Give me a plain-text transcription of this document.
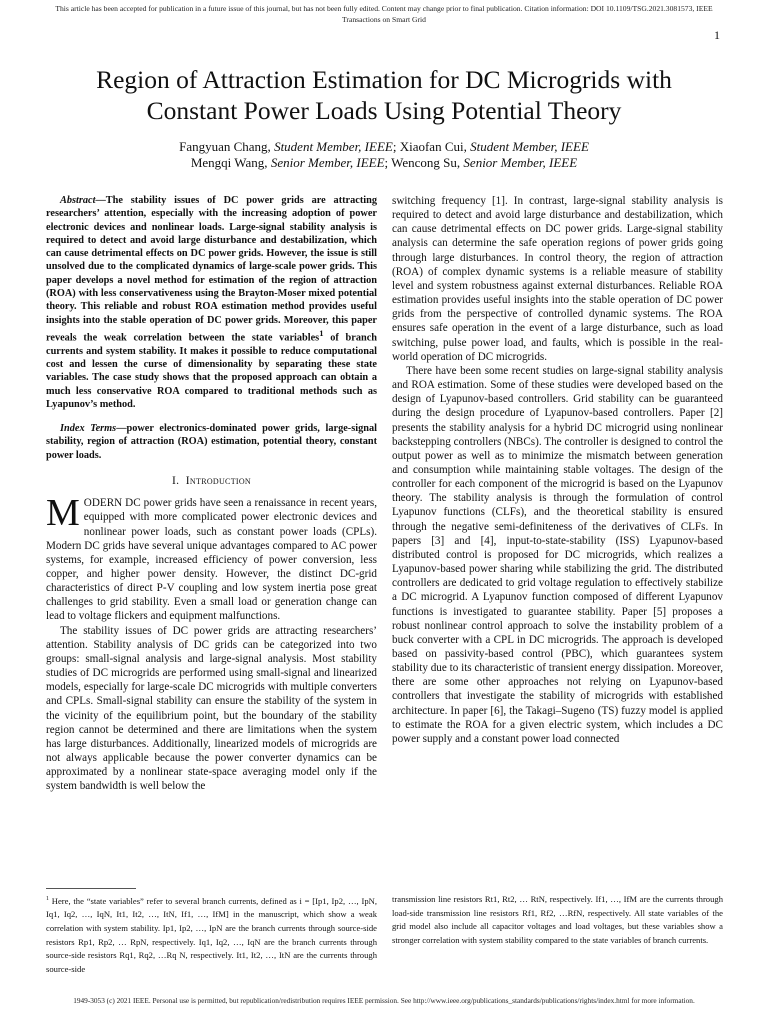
This article has been accepted for publication in a future issue of this journal, but has not been fully edited. Content may change prior to final publication. Citation information: DOI 10.1109/TSG.2021.3081573, IEEE
Transactions on Smart Grid
1
Region of Attraction Estimation for DC Microgrids with
Constant Power Loads Using Potential Theory
Fangyuan Chang, Student Member, IEEE; Xiaofan Cui, Student Member, IEEE
Mengqi Wang, Senior Member, IEEE; Wencong Su, Senior Member, IEEE

Abstract—The stability issues of DC power grids are attracting researchers’ attention, especially with the increasing adoption of power electronic devices and nonlinear loads. Large-signal stability analysis is required to detect and avoid large disturbance and destabilization, which can cause detrimental effects on DC power grids. However, the issue is still unsolved due to the complicated dynamics of large-scale power grids. This paper develops a novel method for estimation of the region of attraction (ROA) with less conservativeness using the Brayton-Moser mixed potential theory. This reliable and robust ROA estimation method provides useful insights into the stable operation of DC power grids. Moreover, this paper reveals the weak correlation between the state variables$^1$ of branch currents and system stability. It makes it possible to reduce computational cost and lessen the curse of dimensionality by separating these state variables. The case study shows that the proposed approach can obtain a much less conservative ROA compared to traditional methods such as Lyapunov’s method.

Index Terms—power electronics-dominated power grids, large-signal stability, region of attraction (ROA) estimation, potential theory, constant power loads.

I. Introduction

MODERN DC power grids have seen a renaissance in recent years, equipped with more complicated power electronic devices and nonlinear power loads, such as constant power loads (CPLs). Modern DC grids have several unique advantages compared to AC power systems, for example, increased efficiency of power conversion, less copper, and higher power density. However, the distinct DC-grid characteristics of direct P-V coupling and low system inertia pose great challenges to grid stability. Even a small load or generation change can lead to voltage flickers and equipment malfunctions.

The stability issues of DC power grids are attracting researchers’ attention. Stability analysis of DC grids can be categorized into two groups: small-signal analysis and large-signal analysis. Most stability studies of DC microgrids are performed using small-signal and linearized models, especially for large-scale DC microgrids with multiple converters and CPLs. Small-signal stability can ensure the stability of the system in the vicinity of the equilibrium point, but the boundary of the stability region cannot be determined and there are limitations when the system has large disturbances. Additionally, linearized models of microgrids are not always applicable because the power converter dynamics can be approximated by a nonlinear state-space averaging model only if the system bandwidth is well below the

switching frequency [1]. In contrast, large-signal stability analysis is required to detect and avoid large disturbance and destabilization, which can cause detrimental effects on DC power grids. Large-signal stability analysis can determine the safe operation regions of power grids going through large disturbances. In control theory, the region of attraction (ROA) of complex dynamic systems is a reliable measure of stability level and system robustness against external disturbances. Reliable ROA estimation provides useful insights into the stable operation of DC power grids from the perspective of controlled dynamic systems. The ROA ensures safe operation in the event of a large disturbance, such as load switching, pulse power load, and faults, which is possible in the real-world operation of DC microgrids.

There have been some recent studies on large-signal stability analysis and ROA estimation. Some of these studies were developed based on the design of Lyapunov-based controllers. Grid stability can be guaranteed during the design procedure of Lyapunov-based controllers. Paper [2] presents the stability analysis for a hybrid DC microgrid using nonlinear backstepping controllers (NBCs). The controller is designed to control the output power as well as to minimize the mismatch between generation and consumption while maintaining stable voltages. The design of the controller for each component of the microgrid is based on the Lyapunov theory. The stability analysis is through the formulation of control Lyapunov functions (CLFs), and the theoretical stability is ensured through the negative semi-definiteness of the derivatives of CLFs. In papers [3] and [4], input-to-state-stability (ISS) Lyapunov-based distributed control is proposed for DC microgrids, which realizes a Lyapunov-based power sharing while stabilizing the grid. The distributed controllers are dedicated to grid voltage regulation to effectively stabilize a DC microgrid. A Lyapunov function composed of different Lyapunov functions is investigated to guarantee stability. Paper [5] proposes a robust nonlinear control approach to solve the instability problem of a buck converter with a CPL in DC microgrids. The approach is developed based on passivity-based control (PBC), which guarantees system stability due to its characteristic of transient energy dissipation. Moreover, there are some other approaches not relying on Lyapunov-based controllers that investigate the stability of microgrids with established architecture. In paper [6], the Takagi–Sugeno (TS) fuzzy model is applied to estimate the ROA for a given electric system, which includes a DC power supply and a constant power load connected

$^1$ Here, the “state variables” refer to several branch currents, defined as i = [Ip1, Ip2, …, IpN, Iq1, Iq2, …, IqN, It1, It2, …, ItN, If1, …, IfM] in the manuscript, which show a weak correlation with system stability. Ip1, Ip2, …, IpN are the branch currents through source-side resistors Rp1, Rp2, … RpN, respectively. Iq1, Iq2, …, IqN are the branch currents through source-side resistors Rq1, Rq2, …Rq N, respectively. It1, It2, …, ItN are the currents through source-side
transmission line resistors Rt1, Rt2, … RtN, respectively. If1, …, IfM are the currents through load-side transmission line resistors Rf1, Rf2, …RfN, respectively. All state variables of the grid model also include all capacitor voltages and load voltages, but these variables show a stronger correlation with system stability compared to the state variables of branch currents.
1949-3053 (c) 2021 IEEE. Personal use is permitted, but republication/redistribution requires IEEE permission. See http://www.ieee.org/publications_standards/publications/rights/index.html for more information.
